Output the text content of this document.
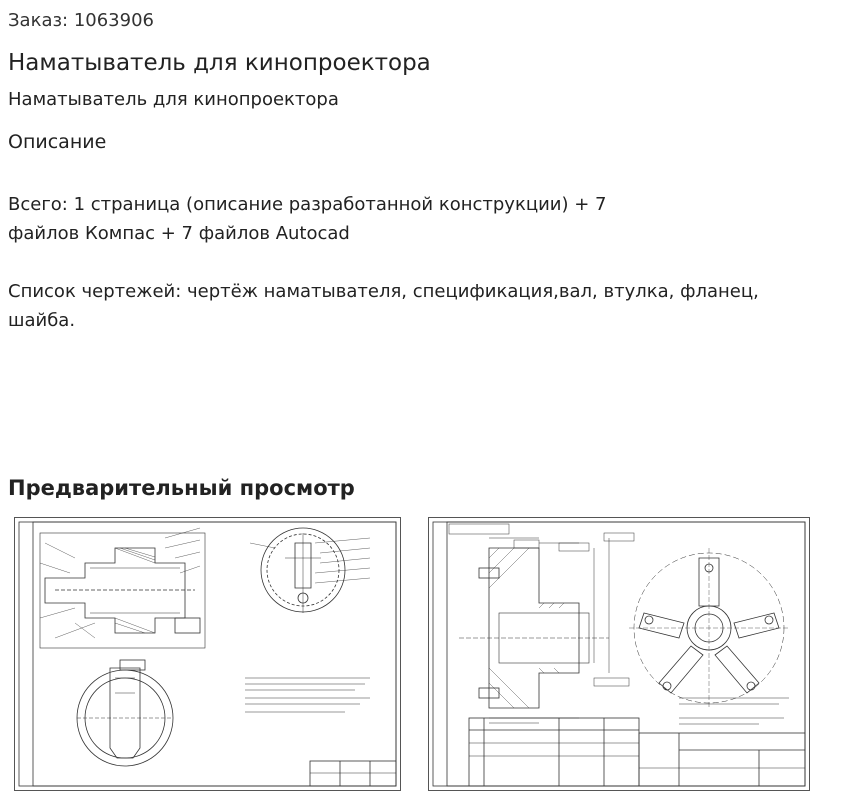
Заказ: 1063906

Наматыватель для кинопроектора

Наматыватель для кинопроектора

Описание

Всего: 1 страница (описание разработанной конструкции) + 7
файлов Компас + 7 файлов Autocad

Список чертежей: чертёж наматывателя, спецификация,вал, втулка, фланец,
шайба.

Предварительный просмотр
